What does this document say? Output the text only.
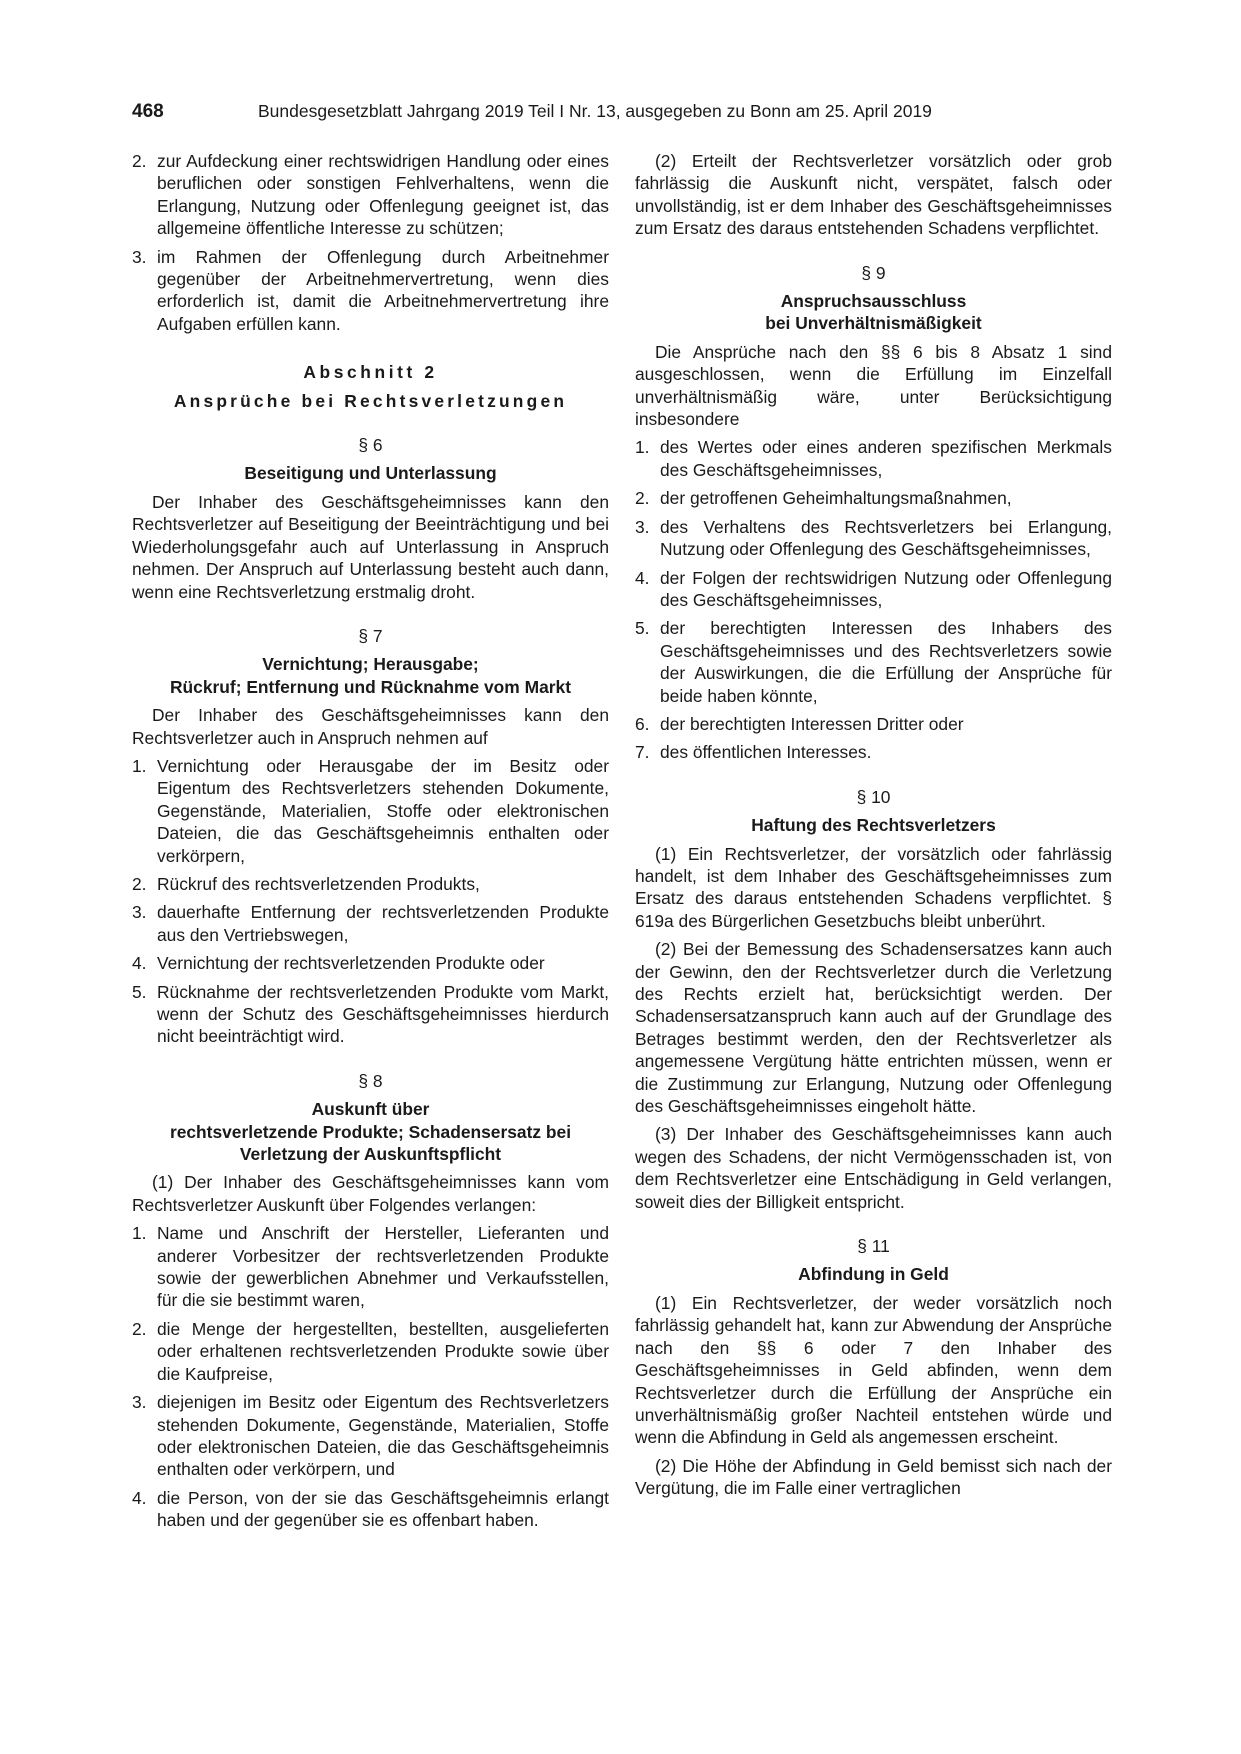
468	Bundesgesetzblatt Jahrgang 2019 Teil I Nr. 13, ausgegeben zu Bonn am 25. April 2019
2. zur Aufdeckung einer rechtswidrigen Handlung oder eines beruflichen oder sonstigen Fehlverhaltens, wenn die Erlangung, Nutzung oder Offenlegung geeignet ist, das allgemeine öffentliche Interesse zu schützen;
3. im Rahmen der Offenlegung durch Arbeitnehmer gegenüber der Arbeitnehmervertretung, wenn dies erforderlich ist, damit die Arbeitnehmervertretung ihre Aufgaben erfüllen kann.
Abschnitt 2
Ansprüche bei Rechtsverletzungen
§ 6
Beseitigung und Unterlassung

Der Inhaber des Geschäftsgeheimnisses kann den Rechtsverletzer auf Beseitigung der Beeinträchtigung und bei Wiederholungsgefahr auch auf Unterlassung in Anspruch nehmen. Der Anspruch auf Unterlassung besteht auch dann, wenn eine Rechtsverletzung erstmalig droht.

§ 7
Vernichtung; Herausgabe;
Rückruf; Entfernung und Rücknahme vom Markt

Der Inhaber des Geschäftsgeheimnisses kann den Rechtsverletzer auch in Anspruch nehmen auf

1. Vernichtung oder Herausgabe der im Besitz oder Eigentum des Rechtsverletzers stehenden Dokumente, Gegenstände, Materialien, Stoffe oder elektronischen Dateien, die das Geschäftsgeheimnis enthalten oder verkörpern,
2. Rückruf des rechtsverletzenden Produkts,
3. dauerhafte Entfernung der rechtsverletzenden Produkte aus den Vertriebswegen,
4. Vernichtung der rechtsverletzenden Produkte oder
5. Rücknahme der rechtsverletzenden Produkte vom Markt, wenn der Schutz des Geschäftsgeheimnisses hierdurch nicht beeinträchtigt wird.
§ 8
Auskunft über
rechtsverletzende Produkte; Schadensersatz bei Verletzung der Auskunftspflicht

(1) Der Inhaber des Geschäftsgeheimnisses kann vom Rechtsverletzer Auskunft über Folgendes verlangen:

1. Name und Anschrift der Hersteller, Lieferanten und anderer Vorbesitzer der rechtsverletzenden Produkte sowie der gewerblichen Abnehmer und Verkaufsstellen, für die sie bestimmt waren,
2. die Menge der hergestellten, bestellten, ausgelieferten oder erhaltenen rechtsverletzenden Produkte sowie über die Kaufpreise,
3. diejenigen im Besitz oder Eigentum des Rechtsverletzers stehenden Dokumente, Gegenstände, Materialien, Stoffe oder elektronischen Dateien, die das Geschäftsgeheimnis enthalten oder verkörpern, und
4. die Person, von der sie das Geschäftsgeheimnis erlangt haben und der gegenüber sie es offenbart haben.

(2) Erteilt der Rechtsverletzer vorsätzlich oder grob fahrlässig die Auskunft nicht, verspätet, falsch oder unvollständig, ist er dem Inhaber des Geschäftsgeheimnisses zum Ersatz des daraus entstehenden Schadens verpflichtet.

§ 9
Anspruchsausschluss
bei Unverhältnismäßigkeit

Die Ansprüche nach den §§ 6 bis 8 Absatz 1 sind ausgeschlossen, wenn die Erfüllung im Einzelfall unverhältnismäßig wäre, unter Berücksichtigung insbesondere

1. des Wertes oder eines anderen spezifischen Merkmals des Geschäftsgeheimnisses,
2. der getroffenen Geheimhaltungsmaßnahmen,
3. des Verhaltens des Rechtsverletzers bei Erlangung, Nutzung oder Offenlegung des Geschäftsgeheimnisses,
4. der Folgen der rechtswidrigen Nutzung oder Offenlegung des Geschäftsgeheimnisses,
5. der berechtigten Interessen des Inhabers des Geschäftsgeheimnisses und des Rechtsverletzers sowie der Auswirkungen, die die Erfüllung der Ansprüche für beide haben könnte,
6. der berechtigten Interessen Dritter oder
7. des öffentlichen Interesses.
§ 10
Haftung des Rechtsverletzers

(1) Ein Rechtsverletzer, der vorsätzlich oder fahrlässig handelt, ist dem Inhaber des Geschäftsgeheimnisses zum Ersatz des daraus entstehenden Schadens verpflichtet. § 619a des Bürgerlichen Gesetzbuchs bleibt unberührt.

(2) Bei der Bemessung des Schadensersatzes kann auch der Gewinn, den der Rechtsverletzer durch die Verletzung des Rechts erzielt hat, berücksichtigt werden. Der Schadensersatzanspruch kann auch auf der Grundlage des Betrages bestimmt werden, den der Rechtsverletzer als angemessene Vergütung hätte entrichten müssen, wenn er die Zustimmung zur Erlangung, Nutzung oder Offenlegung des Geschäftsgeheimnisses eingeholt hätte.

(3) Der Inhaber des Geschäftsgeheimnisses kann auch wegen des Schadens, der nicht Vermögensschaden ist, von dem Rechtsverletzer eine Entschädigung in Geld verlangen, soweit dies der Billigkeit entspricht.

§ 11
Abfindung in Geld

(1) Ein Rechtsverletzer, der weder vorsätzlich noch fahrlässig gehandelt hat, kann zur Abwendung der Ansprüche nach den §§ 6 oder 7 den Inhaber des Geschäftsgeheimnisses in Geld abfinden, wenn dem Rechtsverletzer durch die Erfüllung der Ansprüche ein unverhältnismäßig großer Nachteil entstehen würde und wenn die Abfindung in Geld als angemessen erscheint.

(2) Die Höhe der Abfindung in Geld bemisst sich nach der Vergütung, die im Falle einer vertraglichen
